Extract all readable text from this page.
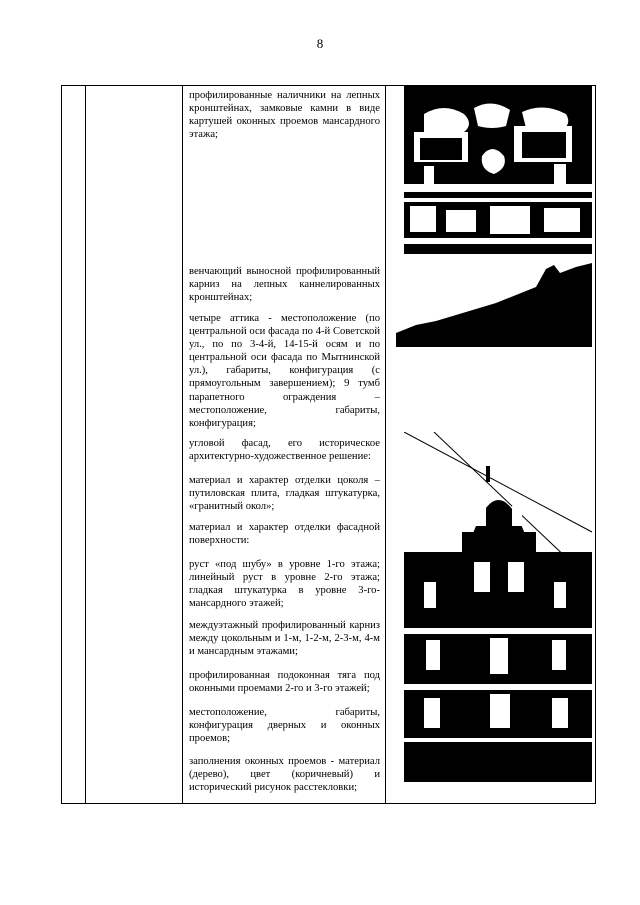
8

профилированные наличники на лепных кронштейнах, замковые камни в виде картушей оконных проемов мансардного этажа;

венчающий выносной профилированный карниз на лепных каннелированных кронштейнах;

четыре аттика - местоположение (по центральной оси фасада по 4-й Советской ул., по по 3-4-й, 14-15-й осям и по центральной оси фасада по Мытнинской ул.), габариты, конфигурация (с прямоугольным завершением); 9 тумб парапетного ограждения – местоположение, габариты, конфигурация;

угловой фасад, его историческое архитектурно-художественное решение:

материал и характер отделки цоколя – путиловская плита, гладкая штукатурка, «гранитный окол»;

материал и характер отделки фасадной поверхности:

руст «под шубу» в уровне 1-го этажа; линейный руст в уровне 2-го этажа; гладкая штукатурка в уровне 3-го-мансардного этажей;

междуэтажный профилированный карниз между цокольным и 1-м, 1-2-м, 2-3-м, 4-м и мансардным этажами;

профилированная подоконная тяга под оконными проемами 2-го и 3-го этажей;

местоположение, габариты, конфигурация дверных и оконных проемов;

заполнения оконных проемов - материал (дерево), цвет (коричневый) и исторический рисунок расстекловки;
